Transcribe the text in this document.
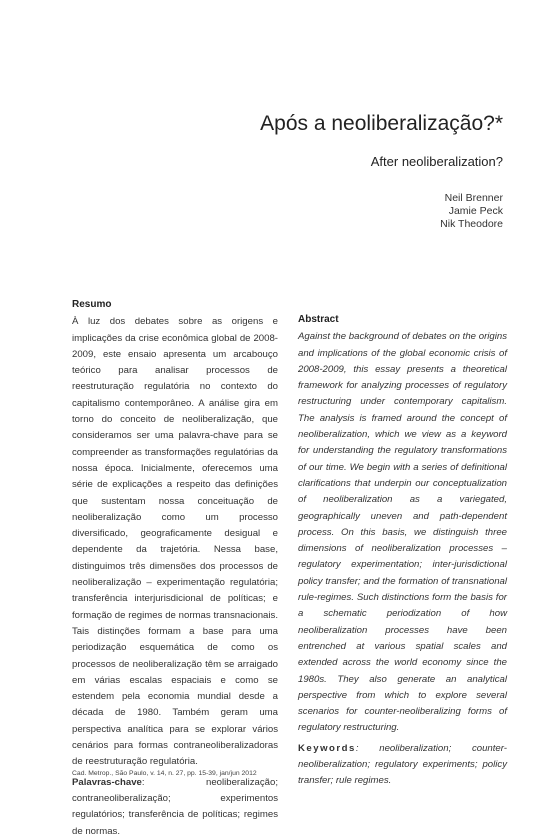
Após a neoliberalização?*
After neoliberalization?
Neil Brenner
Jamie Peck
Nik Theodore
Resumo

À luz dos debates sobre as origens e implicações da crise econômica global de 2008-2009, este ensaio apresenta um arcabouço teórico para analisar processos de reestruturação regulatória no contexto do capitalismo contemporâneo. A análise gira em torno do conceito de neoliberalização, que consideramos ser uma palavra-chave para se compreender as transformações regulatórias da nossa época. Inicialmente, oferecemos uma série de explicações a respeito das definições que sustentam nossa conceituação de neoliberalização como um processo diversificado, geograficamente desigual e dependente da trajetória. Nessa base, distinguimos três dimensões dos processos de neoliberalização – experimentação regulatória; transferência interjurisdicional de políticas; e formação de regimes de normas transnacionais. Tais distinções formam a base para uma periodização esquemática de como os processos de neoliberalização têm se arraigado em várias escalas espaciais e como se estendem pela economia mundial desde a década de 1980. Também geram uma perspectiva analítica para se explorar vários cenários para formas contraneoliberalizadoras de reestruturação regulatória.

Palavras-chave: neoliberalização; contraneoliberalização; experimentos regulatórios; transferência de políticas; regimes de normas.

Abstract

Against the background of debates on the origins and implications of the global economic crisis of 2008-2009, this essay presents a theoretical framework for analyzing processes of regulatory restructuring under contemporary capitalism. The analysis is framed around the concept of neoliberalization, which we view as a keyword for understanding the regulatory transformations of our time. We begin with a series of definitional clarifications that underpin our conceptualization of neoliberalization as a variegated, geographically uneven and path-dependent process. On this basis, we distinguish three dimensions of neoliberalization processes – regulatory experimentation; inter-jurisdictional policy transfer; and the formation of transnational rule-regimes. Such distinctions form the basis for a schematic periodization of how neoliberalization processes have been entrenched at various spatial scales and extended across the world economy since the 1980s. They also generate an analytical perspective from which to explore several scenarios for counter-neoliberalizing forms of regulatory restructuring.

Keywords: neoliberalization; counter-neoliberalization; regulatory experiments; policy transfer; rule regimes.

Cad. Metrop., São Paulo, v. 14, n. 27, pp. 15-39, jan/jun 2012
